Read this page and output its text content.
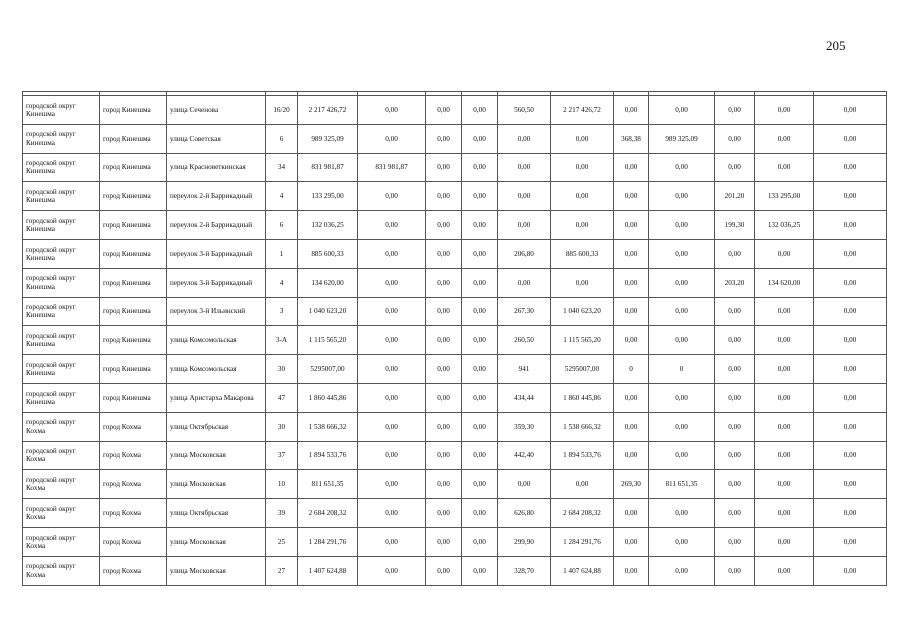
205

городской округ Кинешма	город Кинешма	улица Сеченова	16/20	2 217 426,72	0,00	0,00	0,00	560,50	2 217 426,72	0,00	0,00	0,00	0,00	0,00
городской округ Кинешма	город Кинешма	улица Советская	6	989 325,09	0,00	0,00	0,00	0,00	0,00	368,38	989 325,09	0,00	0,00	0,00
городской округ Кинешма	город Кинешма	улица Красноветкинская	34	831 981,87	831 981,87	0,00	0,00	0,00	0,00	0,00	0,00	0,00	0,00	0,00
городской округ Кинешма	город Кинешма	переулок 2-й Баррикадный	4	133 295,00	0,00	0,00	0,00	0,00	0,00	0,00	0,00	201,20	133 295,00	0,00
городской округ Кинешма	город Кинешма	переулок 2-й Баррикадный	6	132 036,25	0,00	0,00	0,00	0,00	0,00	0,00	0,00	199,30	132 036,25	0,00
городской округ Кинешма	город Кинешма	переулок 3-й Баррикадный	1	885 600,33	0,00	0,00	0,00	206,80	885 600,33	0,00	0,00	0,00	0,00	0,00
городской округ Кинешма	город Кинешма	переулок 3-й Баррикадный	4	134 620,00	0,00	0,00	0,00	0,00	0,00	0,00	0,00	203,20	134 620,00	0,00
городской округ Кинешма	город Кинешма	переулок 3-й Ильинский	3	1 040 623,20	0,00	0,00	0,00	267,30	1 040 623,20	0,00	0,00	0,00	0,00	0,00
городской округ Кинешма	город Кинешма	улица Комсомольская	3-А	1 115 565,20	0,00	0,00	0,00	260,50	1 115 565,20	0,00	0,00	0,00	0,00	0,00
городской округ Кинешма	город Кинешма	улица Комсомольская	30	5295007,00	0,00	0,00	0,00	941	5295007,00	0	0	0,00	0,00	0,00
городской округ Кинешма	город Кинешма	улица Аристарха Макарова	47	1 860 445,86	0,00	0,00	0,00	434,44	1 860 445,86	0,00	0,00	0,00	0,00	0,00
городской округ Кохма	город Кохма	улица Октябрьская	30	1 538 666,32	0,00	0,00	0,00	359,30	1 538 666,32	0,00	0,00	0,00	0,00	0,00
городской округ Кохма	город Кохма	улица Московская	37	1 894 533,76	0,00	0,00	0,00	442,40	1 894 533,76	0,00	0,00	0,00	0,00	0,00
городской округ Кохма	город Кохма	улица Московская	10	811 651,35	0,00	0,00	0,00	0,00	0,00	269,30	811 651,35	0,00	0,00	0,00
городской округ Кохма	город Кохма	улица Октябрьская	39	2 684 208,32	0,00	0,00	0,00	626,80	2 684 208,32	0,00	0,00	0,00	0,00	0,00
городской округ Кохма	город Кохма	улица Московская	25	1 284 291,76	0,00	0,00	0,00	299,90	1 284 291,76	0,00	0,00	0,00	0,00	0,00
городской округ Кохма	город Кохма	улица Московская	27	1 407 624,88	0,00	0,00	0,00	328,70	1 407 624,88	0,00	0,00	0,00	0,00	0,00
